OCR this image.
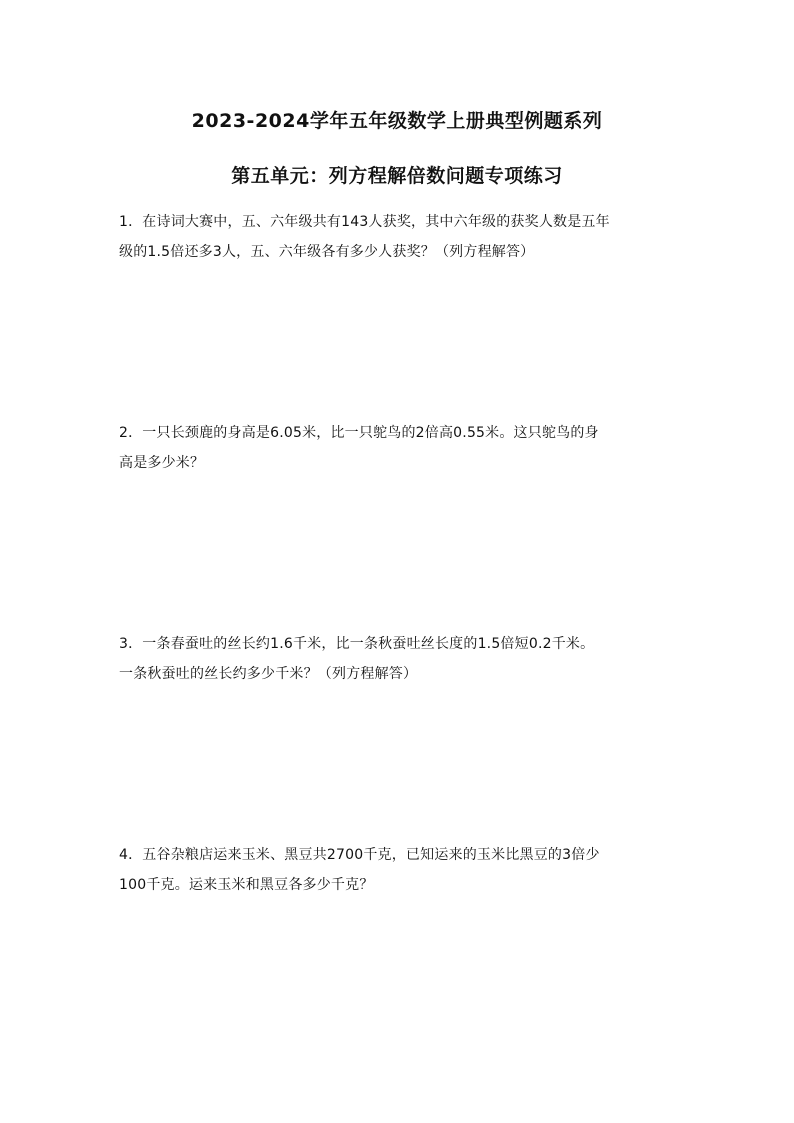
2023-2024学年五年级数学上册典型例题系列
第五单元：列方程解倍数问题专项练习
1．在诗词大赛中，五、六年级共有143人获奖，其中六年级的获奖人数是五年
级的1.5倍还多3人，五、六年级各有多少人获奖？（列方程解答）
2．一只长颈鹿的身高是6.05米，比一只鸵鸟的2倍高0.55米。这只鸵鸟的身
高是多少米？
3．一条春蚕吐的丝长约1.6千米，比一条秋蚕吐丝长度的1.5倍短0.2千米。
一条秋蚕吐的丝长约多少千米？（列方程解答）
4．五谷杂粮店运来玉米、黑豆共2700千克，已知运来的玉米比黑豆的3倍少
100千克。运来玉米和黑豆各多少千克？
